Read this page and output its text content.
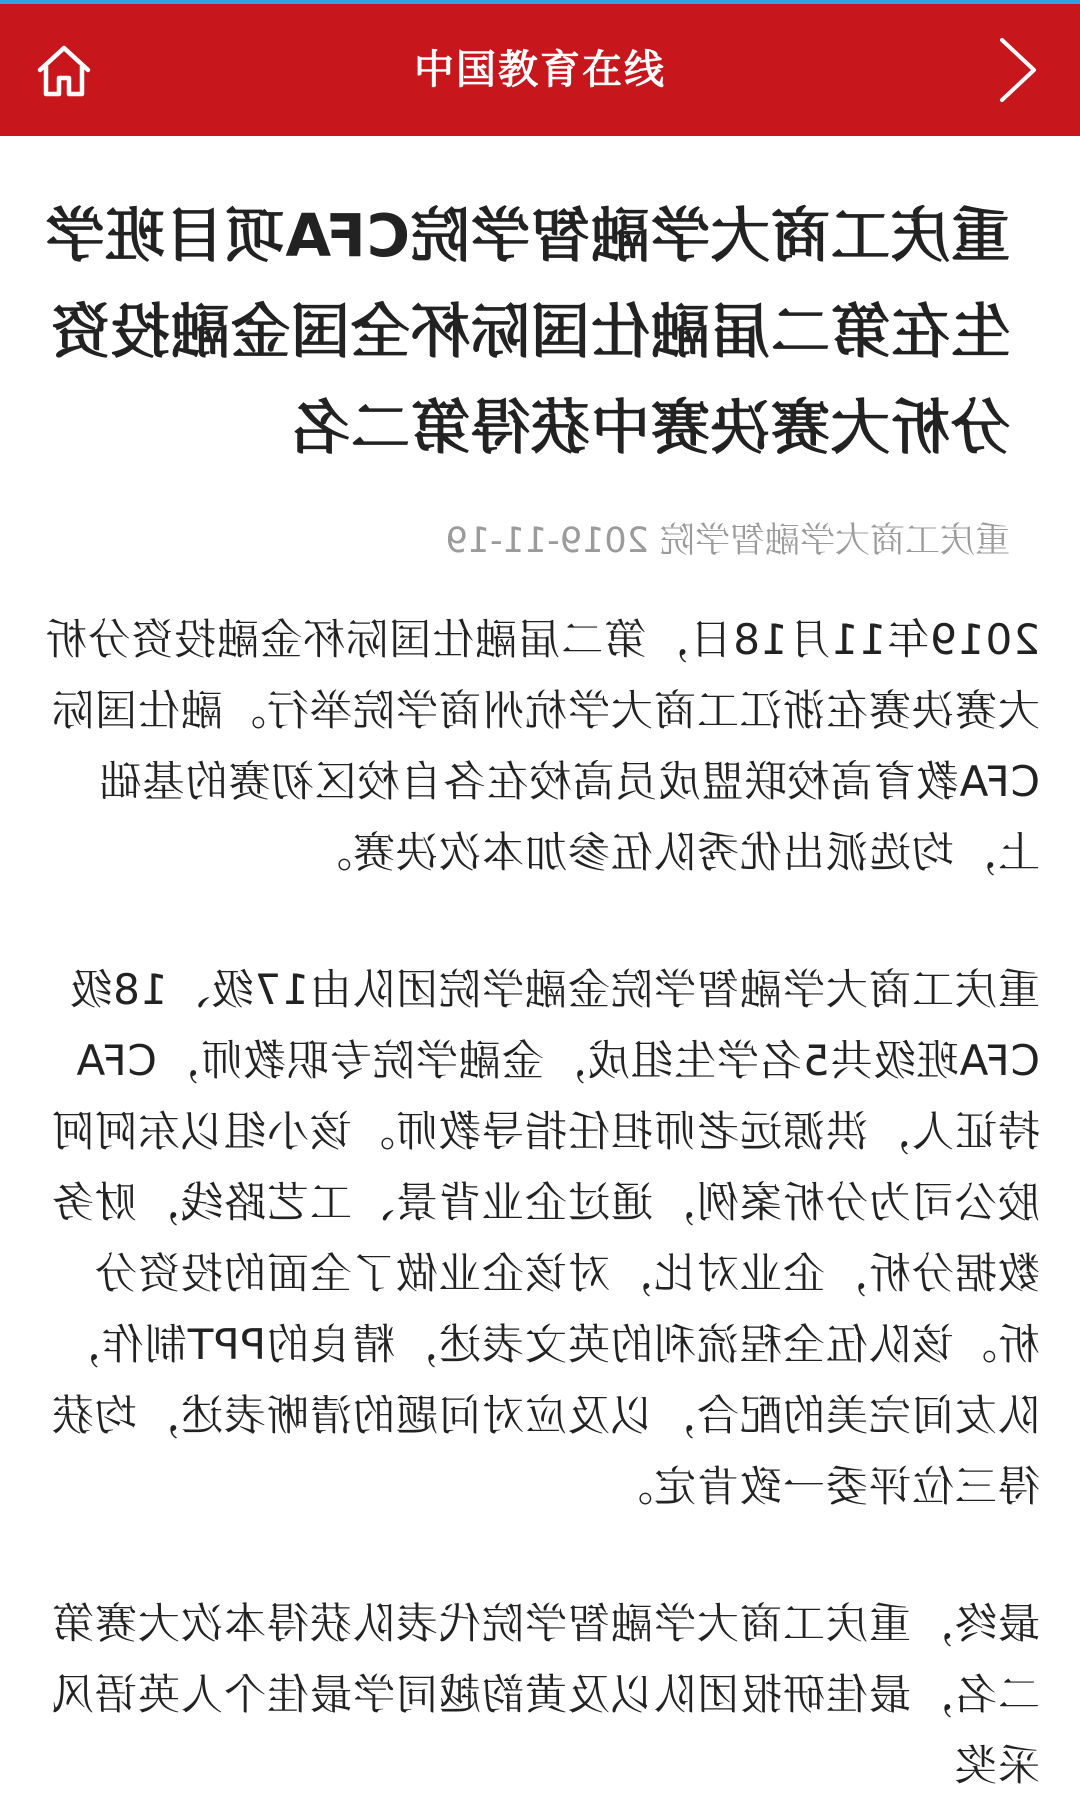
中国教育在线
重庆工商大学融智学院CFA项目班学生在第二届融仕国际杯全国金融投资分析大赛决赛中获得第二名
重庆工商大学融智学院 2019-11-19

2019年11月18日，第二届融仕国际杯金融投资分析大赛决赛在浙江工商大学杭州商学院举行。融仕国际CFA教育高校联盟成员高校在各自校区初赛的基础上，均选派出优秀队伍参加本次决赛。

重庆工商大学融智学院金融学院团队由17级、18级CFA班级共5名学生组成，金融学院专职教师，CFA持证人，洪源远老师担任指导教师。该小组以东阿阿胶公司为分析案例，通过企业背景、工艺路线，财务数据分析，企业对比，对该企业做了全面的投资分析。该队伍全程流利的英文表述，精良的PPT制作，队友间完美的配合，以及应对问题的清晰表述，均获得三位评委一致肯定。

最终，重庆工商大学融智学院代表队获得本次大赛第二名，最佳研报团队以及黄韵越同学最佳个人英语风采奖
